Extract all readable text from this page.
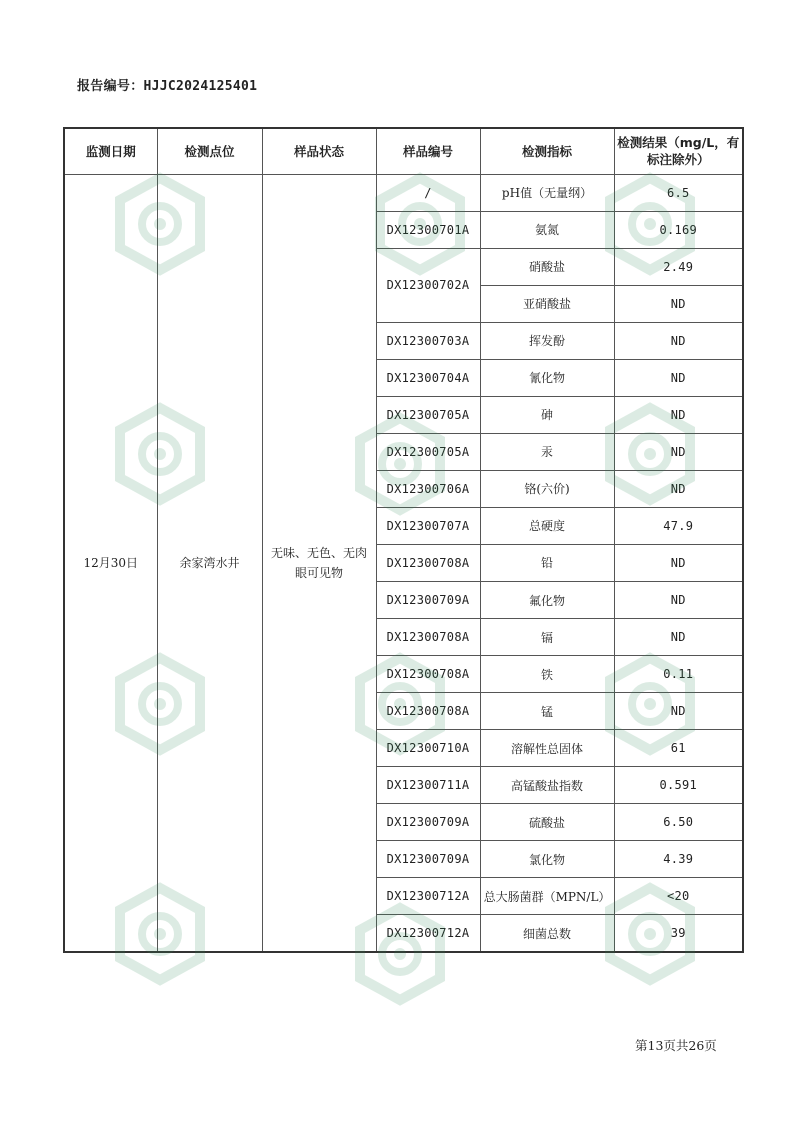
报告编号：HJJC2024125401
监测日期	检测点位	样品状态	样品编号	检测指标	检测结果（mg/L，有标注除外）
12月30日	余家湾水井	无味、无色、无肉眼可见物	/	pH值（无量纲）	6.5
			DX12300701A	氨氮	0.169
			DX12300702A	硝酸盐	2.49
				亚硝酸盐	ND
			DX12300703A	挥发酚	ND
			DX12300704A	氰化物	ND
			DX12300705A	砷	ND
			DX12300705A	汞	ND
			DX12300706A	铬(六价)	ND
			DX12300707A	总硬度	47.9
			DX12300708A	铅	ND
			DX12300709A	氟化物	ND
			DX12300708A	镉	ND
			DX12300708A	铁	0.11
			DX12300708A	锰	ND
			DX12300710A	溶解性总固体	61
			DX12300711A	高锰酸盐指数	0.591
			DX12300709A	硫酸盐	6.50
			DX12300709A	氯化物	4.39
			DX12300712A	总大肠菌群（MPN/L）	<20
			DX12300712A	细菌总数	39
第13页共26页
